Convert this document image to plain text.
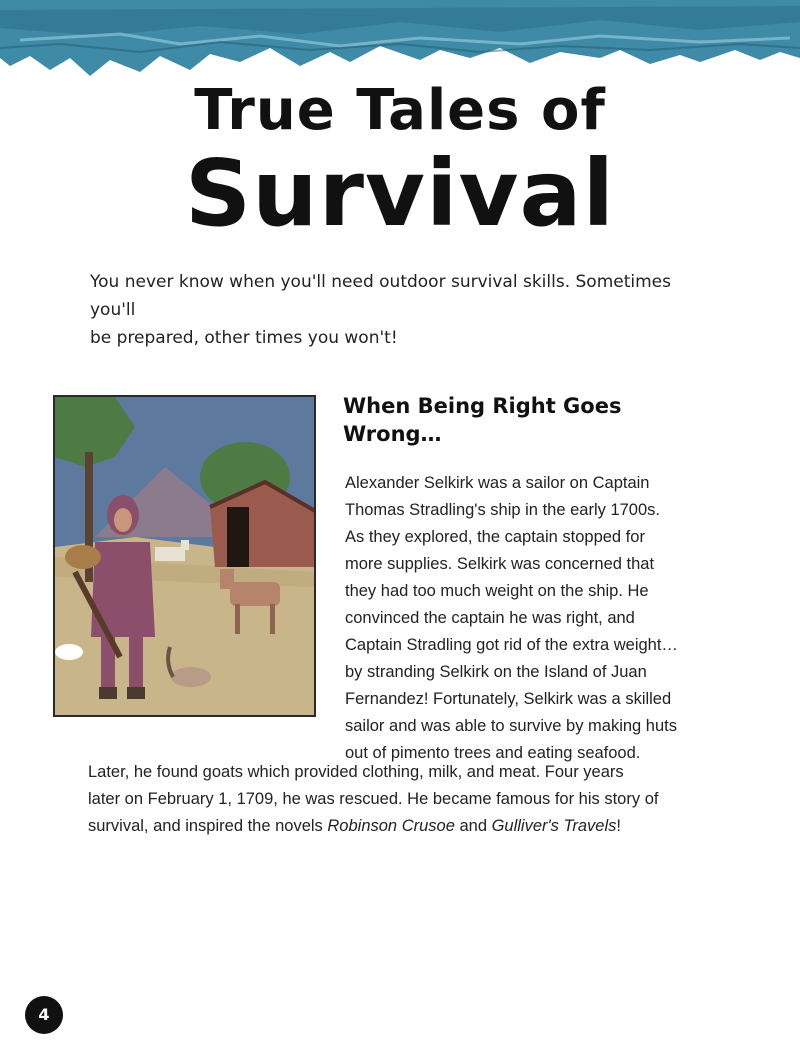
True Tales of
Survival
You never know when you'll need outdoor survival skills. Sometimes you'll
be prepared, other times you won't!
When Being Right Goes
Wrong…
Alexander Selkirk was a sailor on Captain
Thomas Stradling's ship in the early 1700s.
As they explored, the captain stopped for
more supplies. Selkirk was concerned that
they had too much weight on the ship. He
convinced the captain he was right, and
Captain Stradling got rid of the extra weight…
by stranding Selkirk on the Island of Juan
Fernandez! Fortunately, Selkirk was a skilled
sailor and was able to survive by making huts
out of pimento trees and eating seafood.
Later, he found goats which provided clothing, milk, and meat. Four years
later on February 1, 1709, he was rescued. He became famous for his story of
survival, and inspired the novels Robinson Crusoe and Gulliver's Travels!
4
